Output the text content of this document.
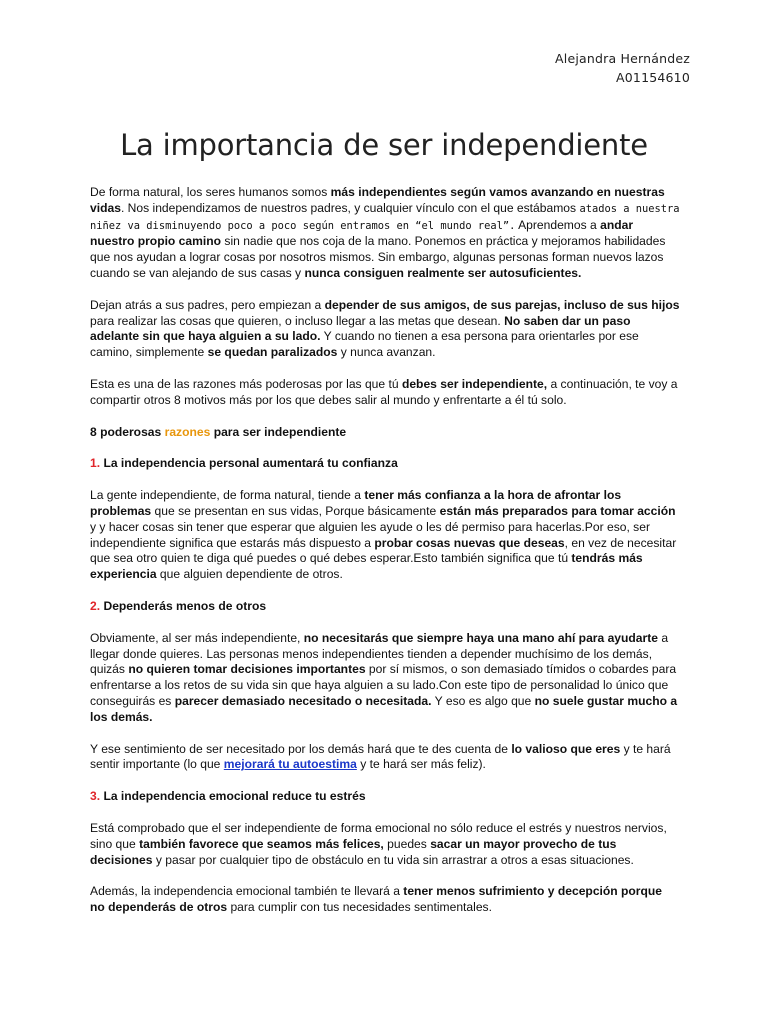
Alejandra Hernández
A01154610
La importancia de ser independiente

De forma natural, los seres humanos somos más independientes según vamos avanzando en nuestras vidas. Nos independizamos de nuestros padres, y cualquier vínculo con el que estábamos atados a nuestra niñez va disminuyendo poco a poco según entramos en “el mundo real”. Aprendemos a andar nuestro propio camino sin nadie que nos coja de la mano. Ponemos en práctica y mejoramos habilidades que nos ayudan a lograr cosas por nosotros mismos. Sin embargo, algunas personas forman nuevos lazos cuando se van alejando de sus casas y nunca consiguen realmente ser autosuficientes.

Dejan atrás a sus padres, pero empiezan a depender de sus amigos, de sus parejas, incluso de sus hijos para realizar las cosas que quieren, o incluso llegar a las metas que desean. No saben dar un paso adelante sin que haya alguien a su lado. Y cuando no tienen a esa persona para orientarles por ese camino, simplemente se quedan paralizados y nunca avanzan.

Esta es una de las razones más poderosas por las que tú debes ser independiente, a continuación, te voy a compartir otros 8 motivos más por los que debes salir al mundo y enfrentarte a él tú solo.

8 poderosas razones para ser independiente

1. La independencia personal aumentará tu confianza

La gente independiente, de forma natural, tiende a tener más confianza a la hora de afrontar los problemas que se presentan en sus vidas, Porque básicamente están más preparados para tomar acción y y hacer cosas sin tener que esperar que alguien les ayude o les dé permiso para hacerlas.Por eso, ser independiente significa que estarás más dispuesto a probar cosas nuevas que deseas, en vez de necesitar que sea otro quien te diga qué puedes o qué debes esperar.Esto también significa que tú tendrás más experiencia que alguien dependiente de otros.

2. Dependerás menos de otros

Obviamente, al ser más independiente, no necesitarás que siempre haya una mano ahí para ayudarte a llegar donde quieres. Las personas menos independientes tienden a depender muchísimo de los demás, quizás no quieren tomar decisiones importantes por sí mismos, o son demasiado tímidos o cobardes para enfrentarse a los retos de su vida sin que haya alguien a su lado.Con este tipo de personalidad lo único que conseguirás es parecer demasiado necesitado o necesitada. Y eso es algo que no suele gustar mucho a los demás.

Y ese sentimiento de ser necesitado por los demás hará que te des cuenta de lo valioso que eres y te hará sentir importante (lo que mejorará tu autoestima y te hará ser más feliz).

3. La independencia emocional reduce tu estrés

Está comprobado que el ser independiente de forma emocional no sólo reduce el estrés y nuestros nervios, sino que también favorece que seamos más felices, puedes sacar un mayor provecho de tus decisiones y pasar por cualquier tipo de obstáculo en tu vida sin arrastrar a otros a esas situaciones.

Además, la independencia emocional también te llevará a tener menos sufrimiento y decepción porque no dependerás de otros para cumplir con tus necesidades sentimentales.
